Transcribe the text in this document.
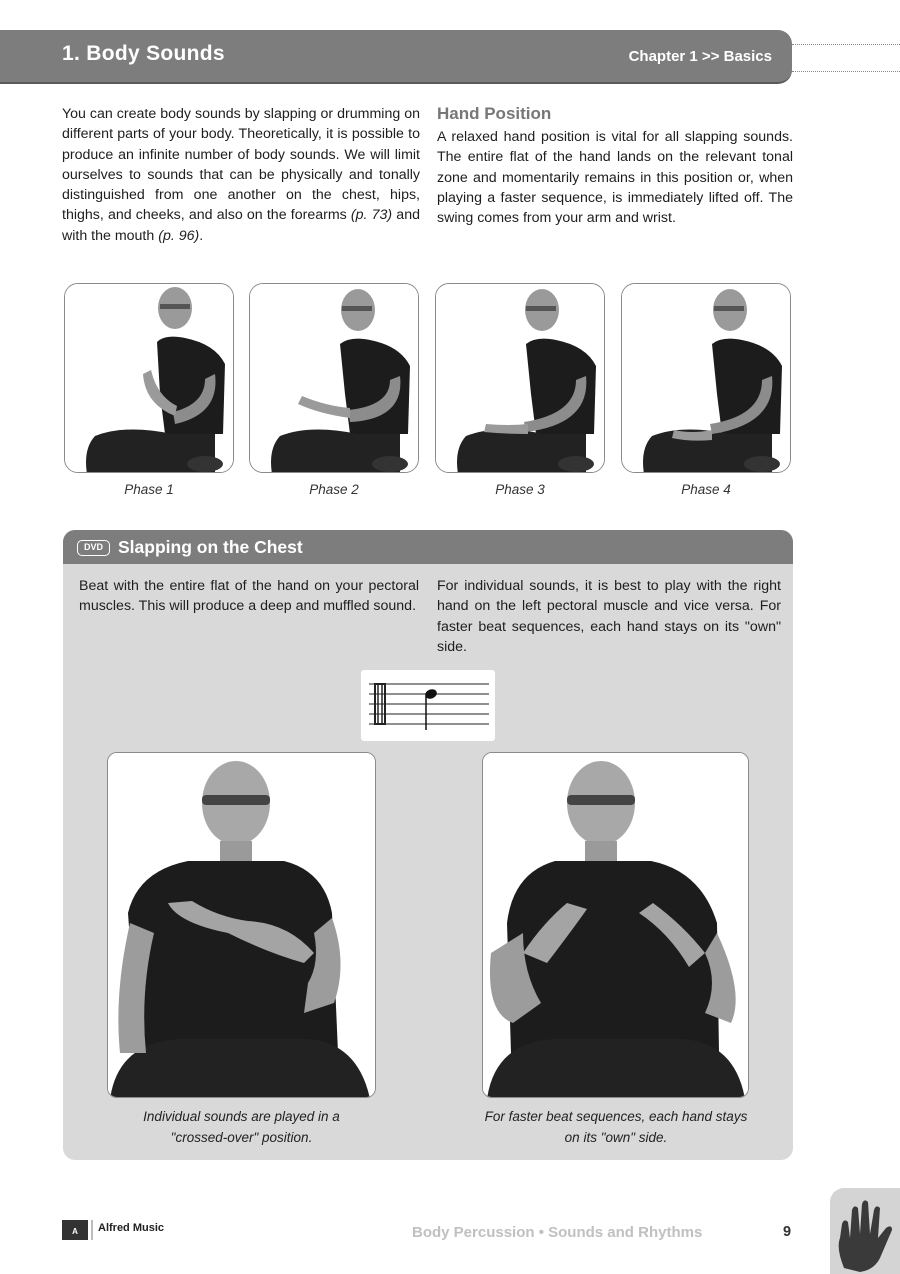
1. Body Sounds	Chapter 1 >> Basics
You can create body sounds by slapping or drumming on different parts of your body. Theoretically, it is possible to produce an infinite number of body sounds. We will limit ourselves to sounds that can be physically and tonally distinguished from one another on the chest, hips, thighs, and cheeks, and also on the forearms (p. 73) and with the mouth (p. 96).
Hand Position
A relaxed hand position is vital for all slapping sounds. The entire flat of the hand lands on the relevant tonal zone and momentarily remains in this position or, when playing a faster sequence, is immediately lifted off. The swing comes from your arm and wrist.
Phase 1	Phase 2	Phase 3	Phase 4
DVD Slapping on the Chest
Beat with the entire flat of the hand on your pectoral muscles. This will produce a deep and muffled sound.
For individual sounds, it is best to play with the right hand on the left pectoral muscle and vice versa. For faster beat sequences, each hand stays on its "own" side.
Individual sounds are played in a
"crossed-over" position.
For faster beat sequences, each hand stays
on its "own" side.
A Alfred Music	Body Percussion • Sounds and Rhythms	9
